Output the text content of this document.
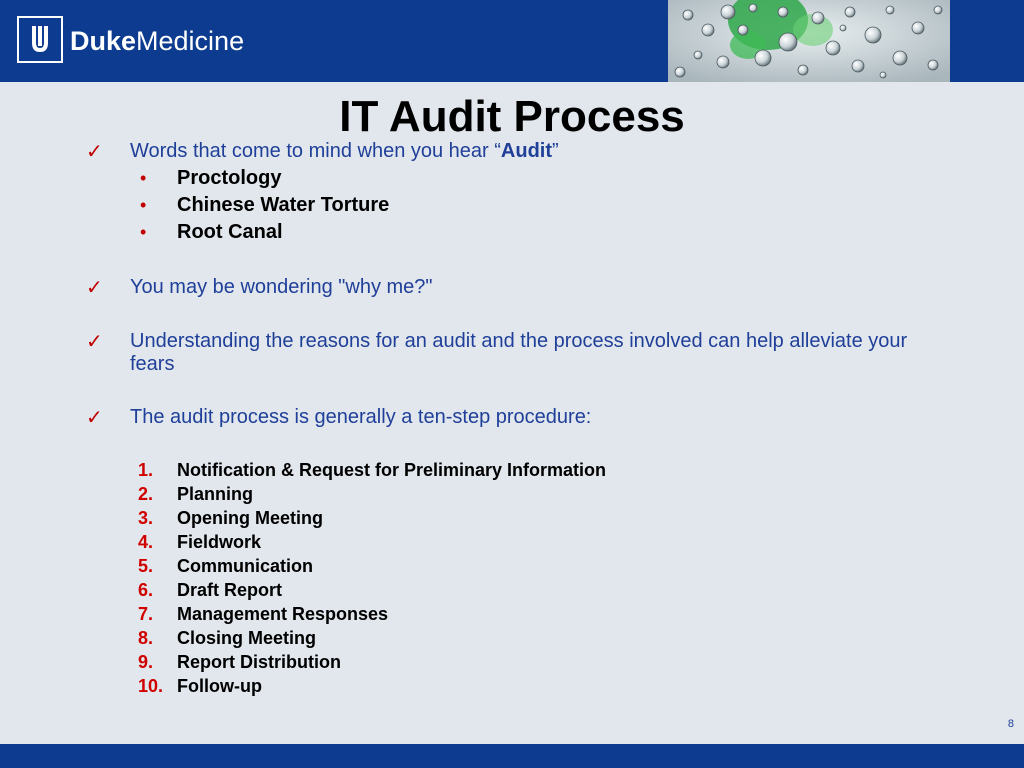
DukeMedicine
IT Audit Process
✓ Words that come to mind when you hear “Audit”
• Proctology
• Chinese Water Torture
• Root Canal
✓ You may be wondering "why me?"
✓ Understanding the reasons for an audit and the process involved can help alleviate your fears
✓ The audit process is generally a ten-step procedure:
1. Notification & Request for Preliminary Information
2. Planning
3. Opening Meeting
4. Fieldwork
5. Communication
6. Draft Report
7. Management Responses
8. Closing Meeting
9. Report Distribution
10. Follow-up
8
